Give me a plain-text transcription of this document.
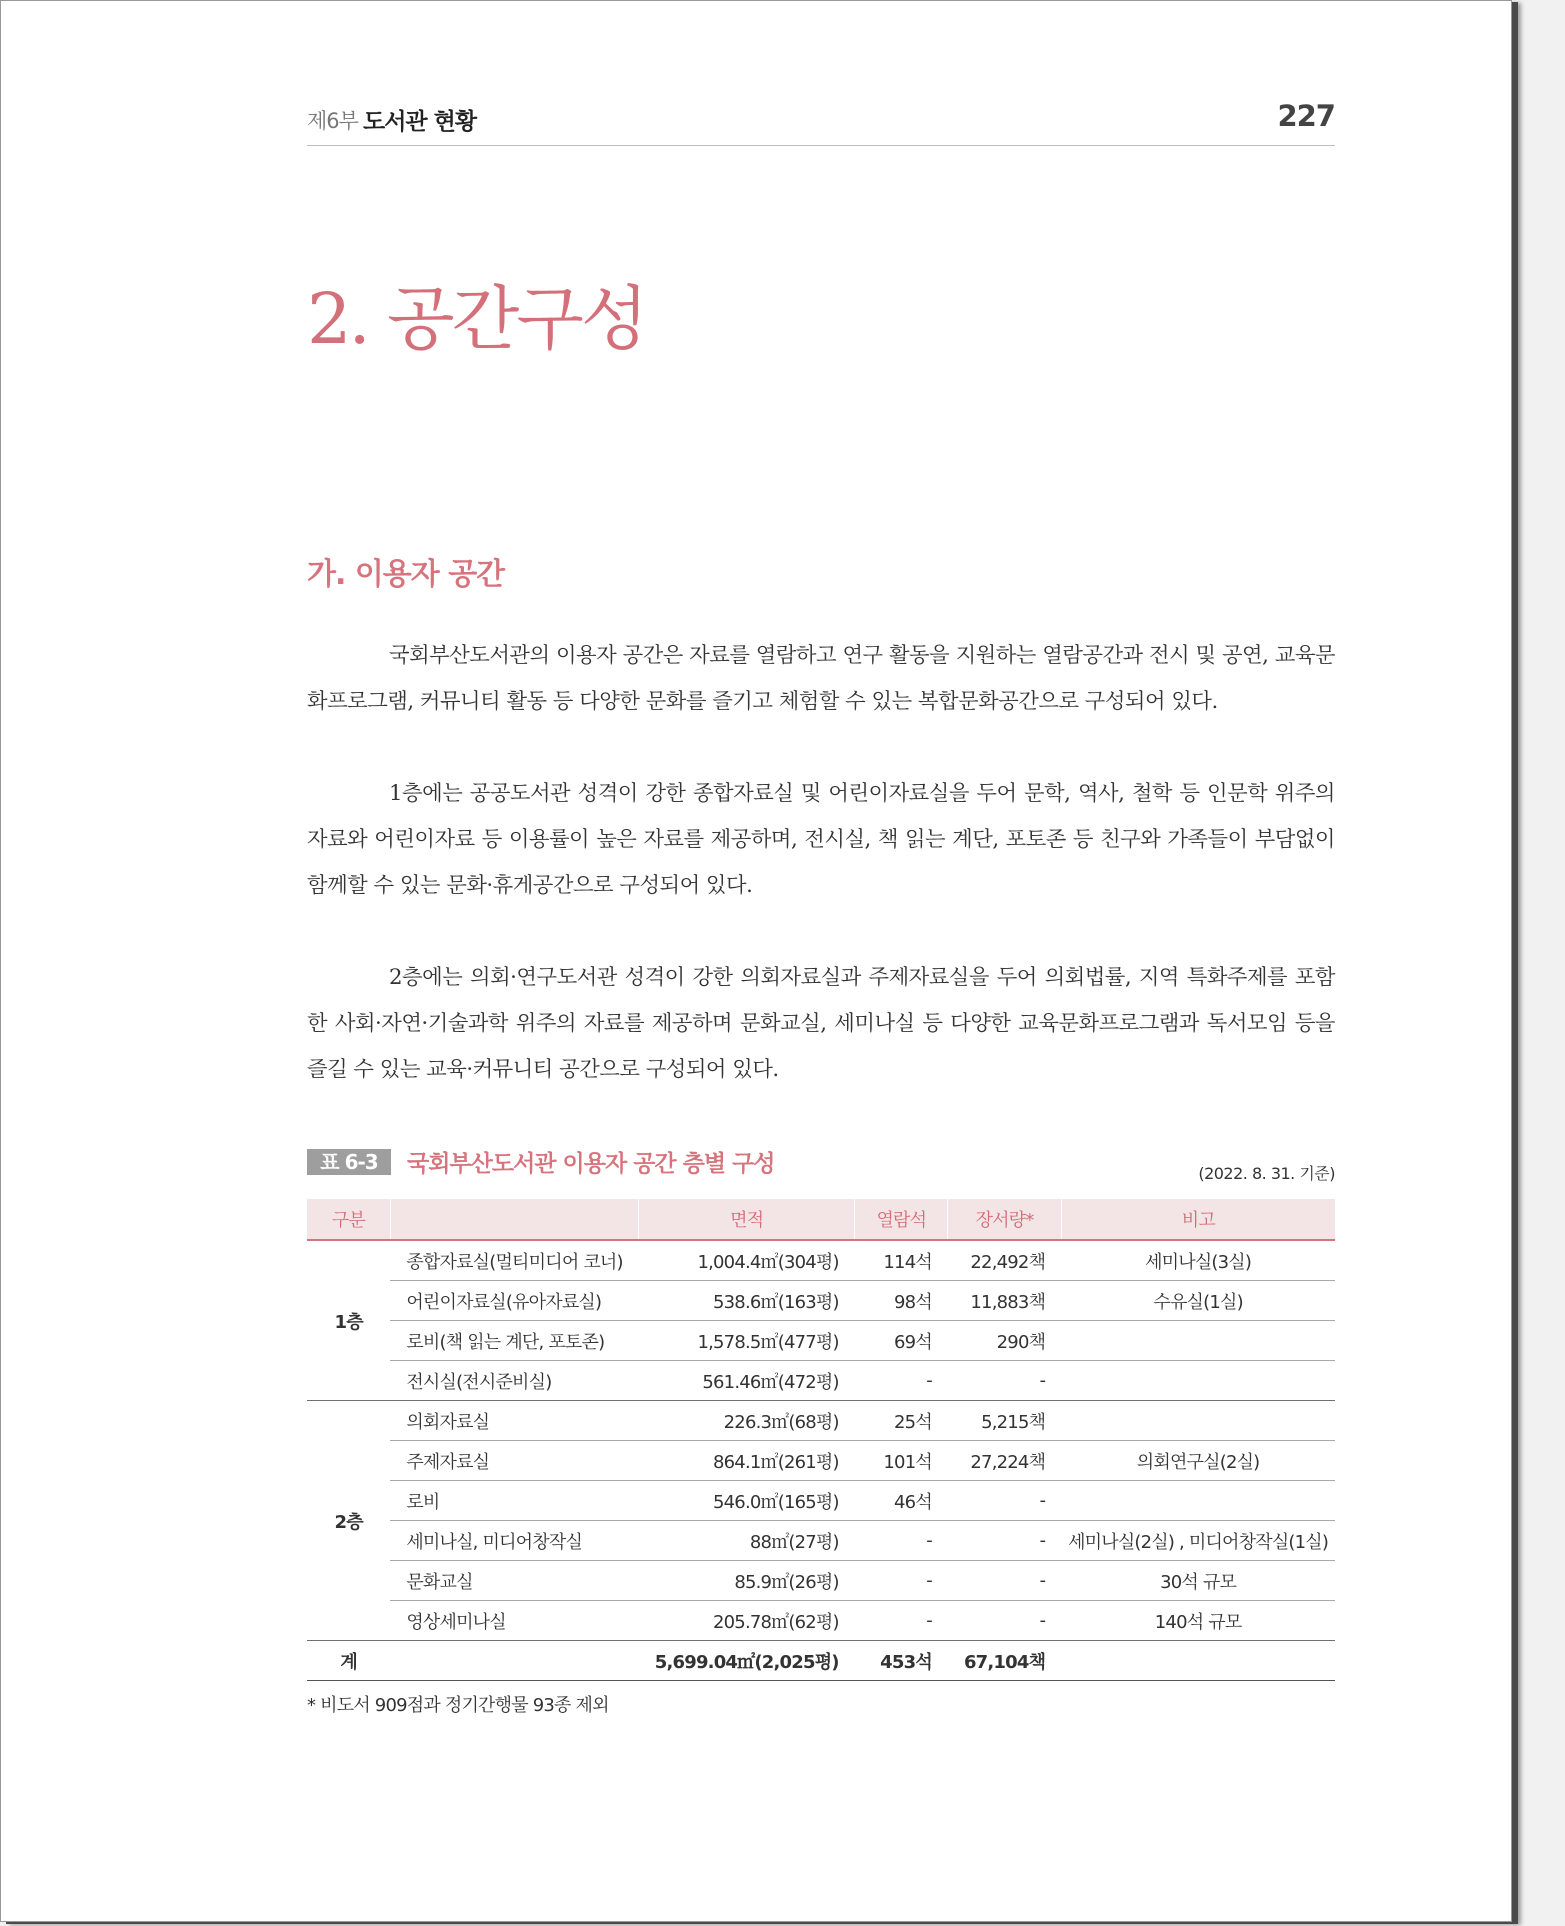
제6부 도서관 현황	227
2. 공간구성
가. 이용자 공간

국회부산도서관의 이용자 공간은 자료를 열람하고 연구 활동을 지원하는 열람공간과 전시 및 공연, 교육문화프로그램, 커뮤니티 활동 등 다양한 문화를 즐기고 체험할 수 있는 복합문화공간으로 구성되어 있다.

1층에는 공공도서관 성격이 강한 종합자료실 및 어린이자료실을 두어 문학, 역사, 철학 등 인문학 위주의 자료와 어린이자료 등 이용률이 높은 자료를 제공하며, 전시실, 책 읽는 계단, 포토존 등 친구와 가족들이 부담없이 함께할 수 있는 문화·휴게공간으로 구성되어 있다.

2층에는 의회·연구도서관 성격이 강한 의회자료실과 주제자료실을 두어 의회법률, 지역 특화주제를 포함한 사회·자연·기술과학 위주의 자료를 제공하며 문화교실, 세미나실 등 다양한 교육문화프로그램과 독서모임 등을 즐길 수 있는 교육·커뮤니티 공간으로 구성되어 있다.

표 6-3	국회부산도서관 이용자 공간 층별 구성	(2022. 8. 31. 기준)
구분		면적	열람석	장서량*	비고
1층	종합자료실(멀티미디어 코너)	1,004.4㎡(304평)	114석	22,492책	세미나실(3실)
	어린이자료실(유아자료실)	538.6㎡(163평)	98석	11,883책	수유실(1실)
	로비(책 읽는 계단, 포토존)	1,578.5㎡(477평)	69석	290책	
	전시실(전시준비실)	561.46㎡(472평)	-	-	
2층	의회자료실	226.3㎡(68평)	25석	5,215책	
	주제자료실	864.1㎡(261평)	101석	27,224책	의회연구실(2실)
	로비	546.0㎡(165평)	46석	-	
	세미나실, 미디어창작실	88㎡(27평)	-	-	세미나실(2실) , 미디어창작실(1실)
	문화교실	85.9㎡(26평)	-	-	30석 규모
	영상세미나실	205.78㎡(62평)	-	-	140석 규모
계		5,699.04㎡(2,025평)	453석	67,104책	

* 비도서 909점과 정기간행물 93종 제외
